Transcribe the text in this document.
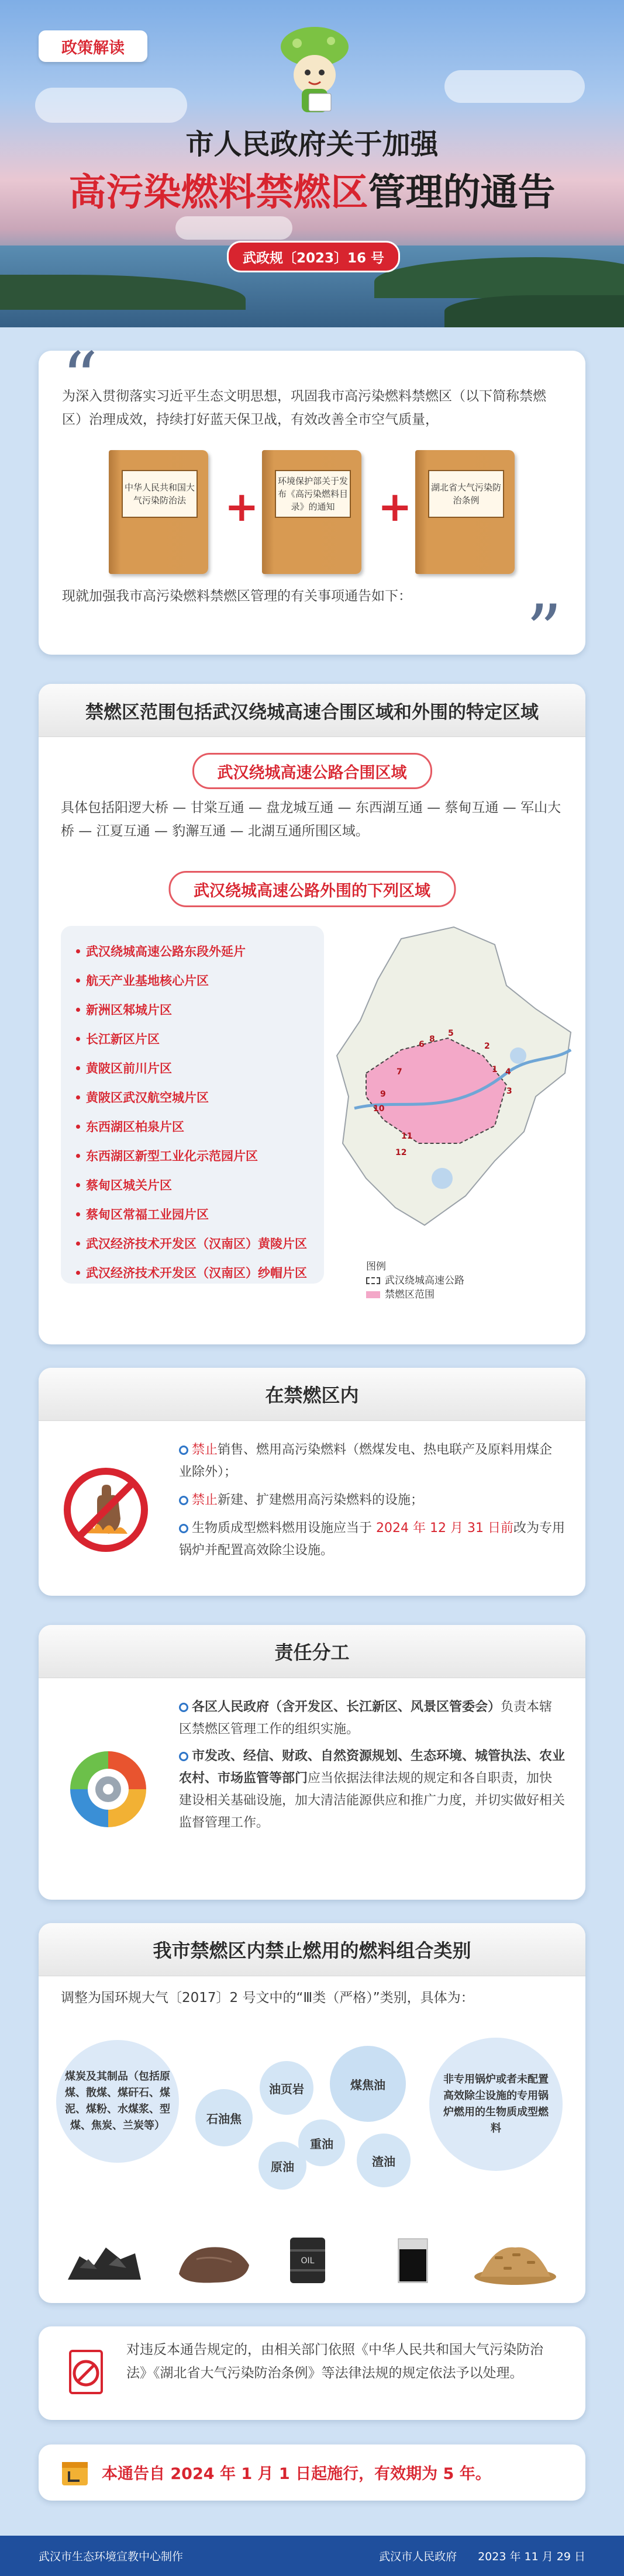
政策解读
市人民政府关于加强
高污染燃料禁燃区管理的通告
武政规〔2023〕16 号
“
为深入贯彻落实习近平生态文明思想，巩固我市高污染燃料禁燃区（以下简称禁燃区）治理成效，持续打好蓝天保卫战，有效改善全市空气质量，
中华人民共和国大气污染防治法 +
环境保护部关于发布《高污染燃料目录》的通知	+	湖北省大气污染防治条例
现就加强我市高污染燃料禁燃区管理的有关事项通告如下：	”
禁燃区范围包括武汉绕城高速合围区域和外围的特定区域
武汉绕城高速公路合围区域
具体包括阳逻大桥 — 甘棠互通 — 盘龙城互通 — 东西湖互通 — 蔡甸互通 — 军山大桥 — 江夏互通 — 豹澥互通 — 北湖互通所围区域。
武汉绕城高速公路外围的下列区域
武汉绕城高速公路东段外延片
航天产业基地核心片区
新洲区邾城片区
长江新区片区
黄陂区前川片区
黄陂区武汉航空城片区
东西湖区柏泉片区
东西湖区新型工业化示范园片区
蔡甸区城关片区
蔡甸区常福工业园片区
武汉经济技术开发区（汉南区）黄陵片区
武汉经济技术开发区（汉南区）纱帽片区
1
2
3
4
5
6
7
8
9
10
11
12
图例
武汉绕城高速公路
禁燃区范围
在禁燃区内
禁止销售、燃用高污染燃料（燃煤发电、热电联产及原料用煤企业除外）；
禁止新建、扩建燃用高污染燃料的设施；
生物质成型燃料燃用设施应当于 2024 年 12 月 31 日前改为专用锅炉并配置高效除尘设施。
责任分工
各区人民政府（含开发区、长江新区、风景区管委会）负责本辖区禁燃区管理工作的组织实施。
市发改、经信、财政、自然资源规划、生态环境、城管执法、农业农村、市场监管等部门应当依据法律法规的规定和各自职责，加快建设相关基础设施，加大清洁能源供应和推广力度，并切实做好相关监督管理工作。
我市禁燃区内禁止燃用的燃料组合类别
调整为国环规大气〔2017〕2 号文中的“Ⅲ类（严格）”类别，具体为：
煤炭及其制品（包括原煤、散煤、煤矸石、煤泥、煤粉、水煤浆、型煤、焦炭、兰炭等）	石油焦
油页岩	煤焦油
重油
原油	渣油
非专用锅炉或者未配置高效除尘设施的专用锅炉燃用的生物质成型燃料
OIL
对违反本通告规定的，由相关部门依照《中华人民共和国大气污染防治法》《湖北省大气污染防治条例》等法律法规的规定依法予以处理。
本通告自 2024 年 1 月 1 日起施行，有效期为 5 年。
武汉市生态环境宣教中心制作	武汉市人民政府 2023 年 11 月 29 日
